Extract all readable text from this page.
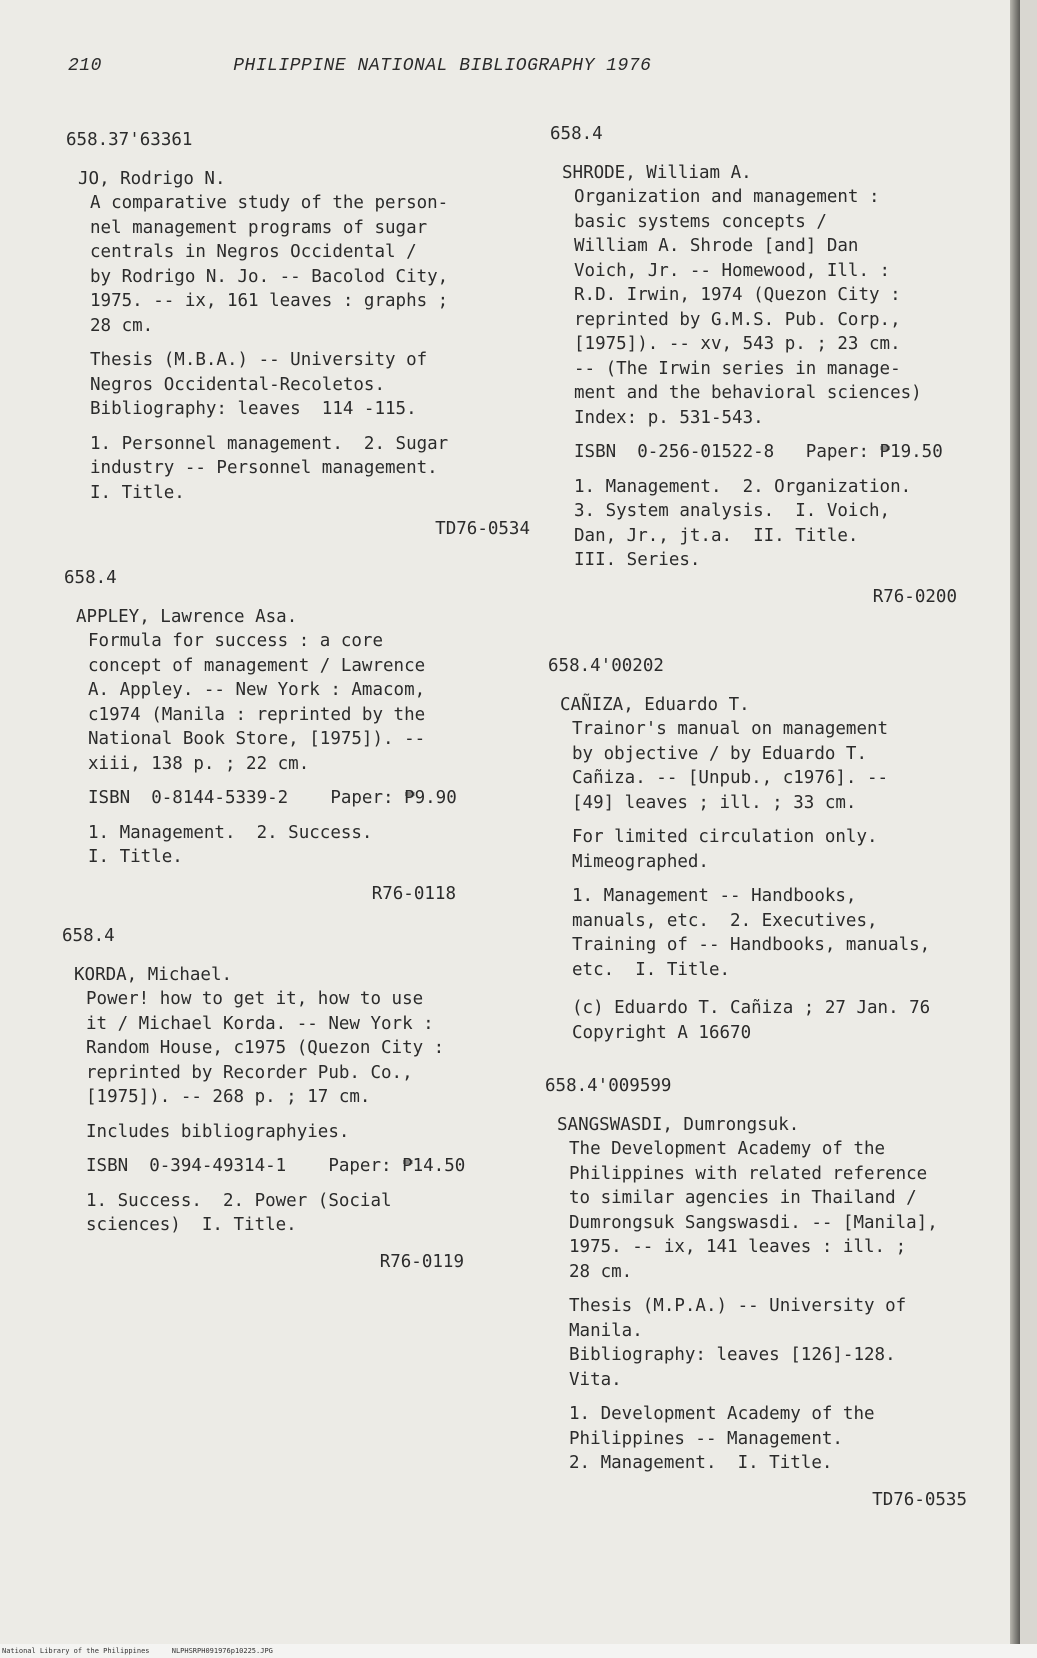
210	PHILIPPINE NATIONAL BIBLIOGRAPHY 1976

658.37'63361

JO, Rodrigo N.

A comparative study of the person-
nel management programs of sugar
centrals in Negros Occidental /
by Rodrigo N. Jo. -- Bacolod City,
1975. -- ix, 161 leaves : graphs ;
28 cm.

Thesis (M.B.A.) -- University of
Negros Occidental-Recoletos.
Bibliography: leaves  114 -115.

1. Personnel management.  2. Sugar
industry -- Personnel management.
I. Title.

TD76-0534

658.4

APPLEY, Lawrence Asa.

Formula for success : a core
concept of management / Lawrence
A. Appley. -- New York : Amacom,
c1974 (Manila : reprinted by the
National Book Store, [1975]). --
xiii, 138 p. ; 22 cm.

ISBN  0-8144-5339-2    Paper: ₱9.90

1. Management.  2. Success.
I. Title.

R76-0118

658.4

KORDA, Michael.

Power! how to get it, how to use
it / Michael Korda. -- New York :
Random House, c1975 (Quezon City :
reprinted by Recorder Pub. Co.,
[1975]). -- 268 p. ; 17 cm.

Includes bibliographyies.

ISBN  0-394-49314-1    Paper: ₱14.50

1. Success.  2. Power (Social
sciences)  I. Title.

R76-0119

658.4

SHRODE, William A.

Organization and management :
basic systems concepts /
William A. Shrode [and] Dan
Voich, Jr. -- Homewood, Ill. :
R.D. Irwin, 1974 (Quezon City :
reprinted by G.M.S. Pub. Corp.,
[1975]). -- xv, 543 p. ; 23 cm.
-- (The Irwin series in manage-
ment and the behavioral sciences)
Index: p. 531-543.

ISBN  0-256-01522-8   Paper: ₱19.50

1. Management.  2. Organization.
3. System analysis.  I. Voich,
Dan, Jr., jt.a.  II. Title.
III. Series.

R76-0200

658.4'00202

CAÑIZA, Eduardo T.

Trainor's manual on management
by objective / by Eduardo T.
Cañiza. -- [Unpub., c1976]. --
[49] leaves ; ill. ; 33 cm.

For limited circulation only.
Mimeographed.

1. Management -- Handbooks,
manuals, etc.  2. Executives,
Training of -- Handbooks, manuals,
etc.  I. Title.

(c) Eduardo T. Cañiza ; 27 Jan. 76
Copyright A 16670

658.4'009599

SANGSWASDI, Dumrongsuk.

The Development Academy of the
Philippines with related reference
to similar agencies in Thailand /
Dumrongsuk Sangswasdi. -- [Manila],
1975. -- ix, 141 leaves : ill. ;
28 cm.

Thesis (M.P.A.) -- University of
Manila.
Bibliography: leaves [126]-128.
Vita.

1. Development Academy of the
Philippines -- Management.
2. Management.  I. Title.

TD76-0535

National Library of the Philippines	NLPHSRPH091976p10225.JPG
